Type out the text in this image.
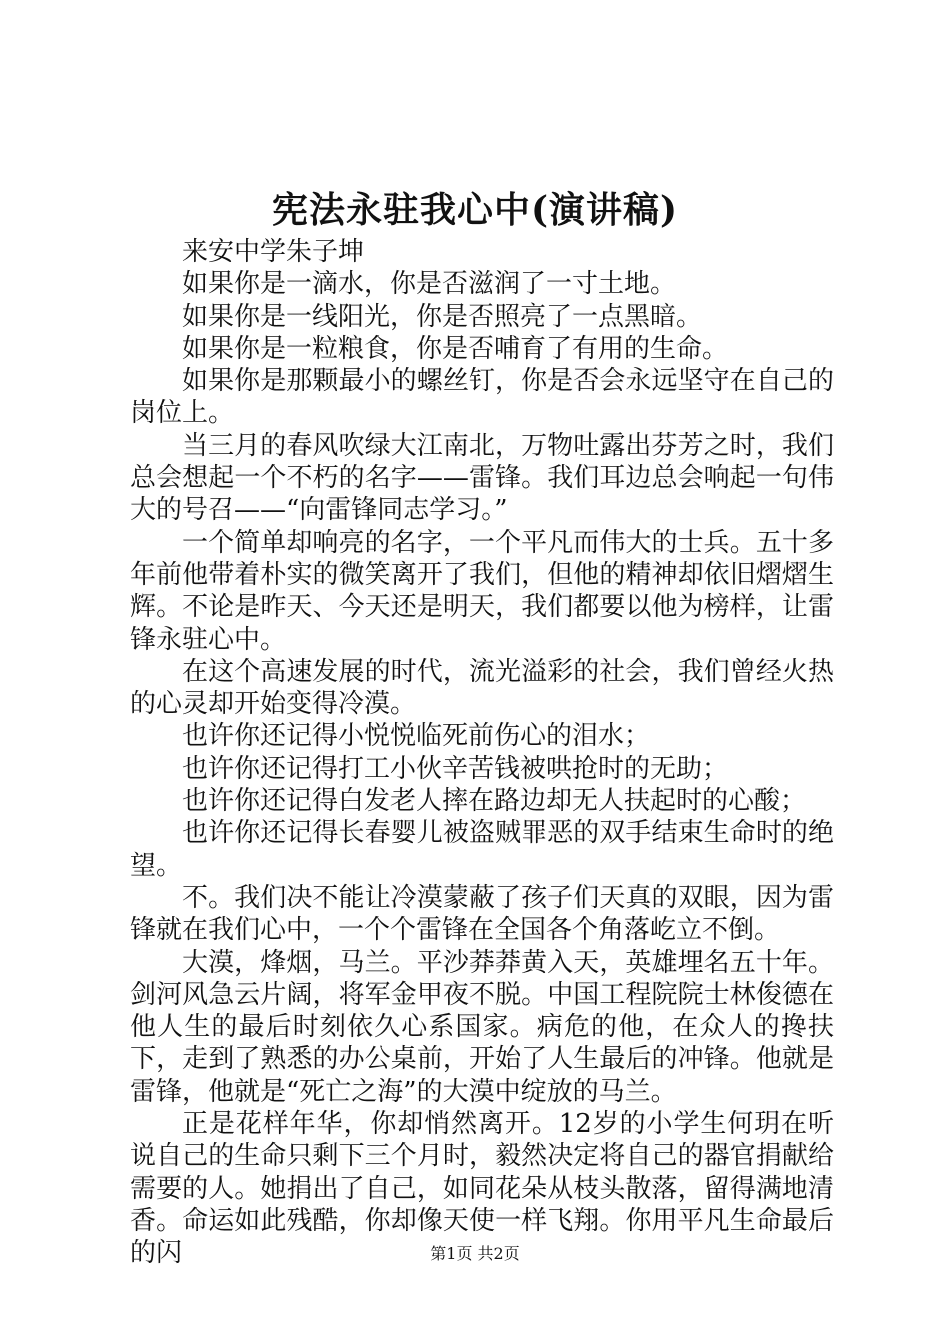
宪法永驻我心中(演讲稿)

来安中学朱子坤

如果你是一滴水，你是否滋润了一寸土地。

如果你是一线阳光，你是否照亮了一点黑暗。

如果你是一粒粮食，你是否哺育了有用的生命。

如果你是那颗最小的螺丝钉，你是否会永远坚守在自己的岗位上。

当三月的春风吹绿大江南北，万物吐露出芬芳之时，我们总会想起一个不朽的名字——雷锋。我们耳边总会响起一句伟大的号召——“向雷锋同志学习。”

一个简单却响亮的名字，一个平凡而伟大的士兵。五十多年前他带着朴实的微笑离开了我们，但他的精神却依旧熠熠生辉。不论是昨天、今天还是明天，我们都要以他为榜样，让雷锋永驻心中。

在这个高速发展的时代，流光溢彩的社会，我们曾经火热的心灵却开始变得冷漠。

也许你还记得小悦悦临死前伤心的泪水；

也许你还记得打工小伙辛苦钱被哄抢时的无助；

也许你还记得白发老人摔在路边却无人扶起时的心酸；

也许你还记得长春婴儿被盗贼罪恶的双手结束生命时的绝望。

不。我们决不能让冷漠蒙蔽了孩子们天真的双眼，因为雷锋就在我们心中，一个个雷锋在全国各个角落屹立不倒。

大漠，烽烟，马兰。平沙莽莽黄入天，英雄埋名五十年。剑河风急云片阔，将军金甲夜不脱。中国工程院院士林俊德在他人生的最后时刻依久心系国家。病危的他，在众人的搀扶下，走到了熟悉的办公桌前，开始了人生最后的冲锋。他就是雷锋，他就是“死亡之海”的大漠中绽放的马兰。

正是花样年华，你却悄然离开。12岁的小学生何玥在听说自己的生命只剩下三个月时，毅然决定将自己的器官捐献给需要的人。她捐出了自己，如同花朵从枝头散落，留得满地清香。命运如此残酷，你却像天使一样飞翔。你用平凡生命最后的闪	第1页 共2页
